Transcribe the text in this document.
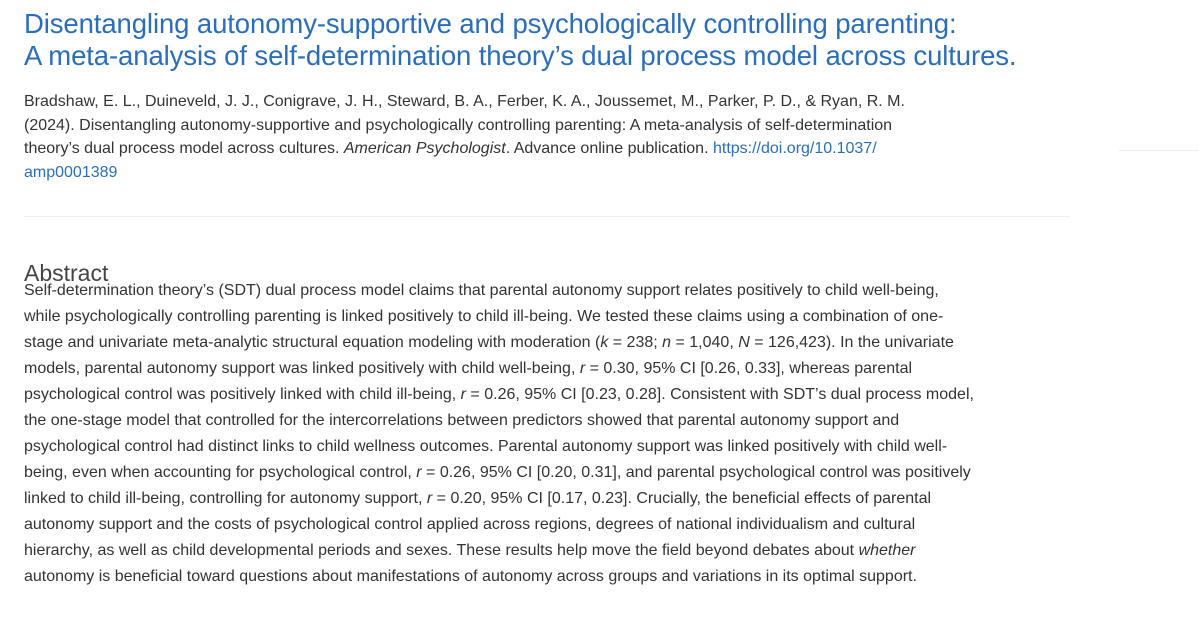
Disentangling autonomy-supportive and psychologically controlling parenting:
A meta-analysis of self-determination theory’s dual process model across cultures.
Bradshaw, E. L., Duineveld, J. J., Conigrave, J. H., Steward, B. A., Ferber, K. A., Joussemet, M., Parker, P. D., & Ryan, R. M.
(2024). Disentangling autonomy-supportive and psychologically controlling parenting: A meta-analysis of self-determination
theory’s dual process model across cultures. American Psychologist. Advance online publication. https://doi.org/10.1037/
amp0001389
Abstract

Self-determination theory’s (SDT) dual process model claims that parental autonomy support relates positively to child well-being,
while psychologically controlling parenting is linked positively to child ill-being. We tested these claims using a combination of one-
stage and univariate meta-analytic structural equation modeling with moderation (k = 238; n = 1,040, N = 126,423). In the univariate
models, parental autonomy support was linked positively with child well-being, r = 0.30, 95% CI [0.26, 0.33], whereas parental
psychological control was positively linked with child ill-being, r = 0.26, 95% CI [0.23, 0.28]. Consistent with SDT’s dual process model,
the one-stage model that controlled for the intercorrelations between predictors showed that parental autonomy support and
psychological control had distinct links to child wellness outcomes. Parental autonomy support was linked positively with child well-
being, even when accounting for psychological control, r = 0.26, 95% CI [0.20, 0.31], and parental psychological control was positively
linked to child ill-being, controlling for autonomy support, r = 0.20, 95% CI [0.17, 0.23]. Crucially, the beneficial effects of parental
autonomy support and the costs of psychological control applied across regions, degrees of national individualism and cultural
hierarchy, as well as child developmental periods and sexes. These results help move the field beyond debates about whether
autonomy is beneficial toward questions about manifestations of autonomy across groups and variations in its optimal support.
